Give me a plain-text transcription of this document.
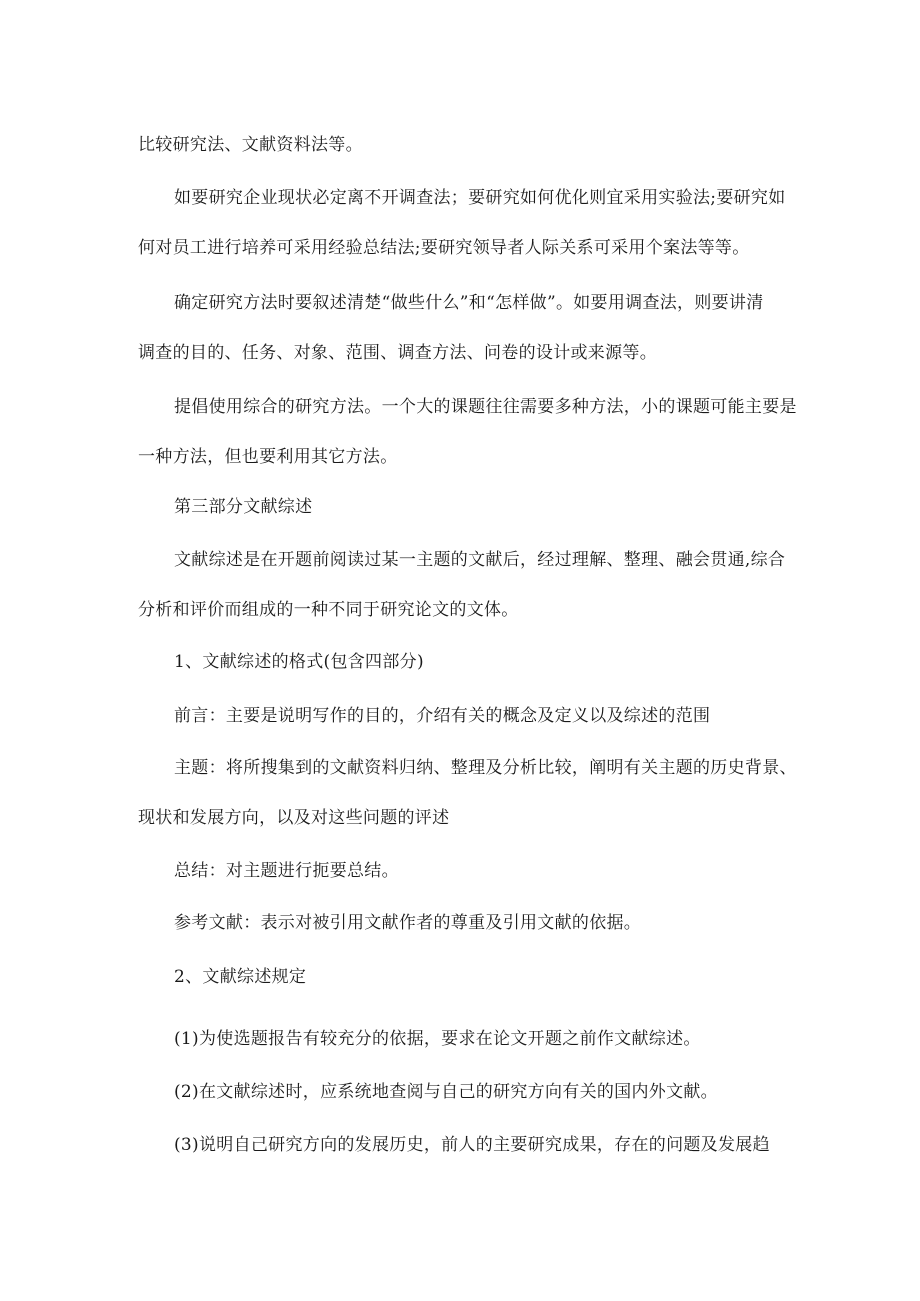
比较研究法、文献资料法等。

如要研究企业现状必定离不开调查法；要研究如何优化则宜采用实验法;要研究如
何对员工进行培养可采用经验总结法;要研究领导者人际关系可采用个案法等等。

确定研究方法时要叙述清楚“做些什么”和“怎样做”。如要用调查法，则要讲清
调查的目的、任务、对象、范围、调查方法、问卷的设计或来源等。

提倡使用综合的研究方法。一个大的课题往往需要多种方法，小的课题可能主要是
一种方法，但也要利用其它方法。

第三部分文献综述

文献综述是在开题前阅读过某一主题的文献后，经过理解、整理、融会贯通,综合
分析和评价而组成的一种不同于研究论文的文体。

1、文献综述的格式(包含四部分)

前言：主要是说明写作的目的，介绍有关的概念及定义以及综述的范围

主题：将所搜集到的文献资料归纳、整理及分析比较，阐明有关主题的历史背景、
现状和发展方向，以及对这些问题的评述

总结：对主题进行扼要总结。

参考文献：表示对被引用文献作者的尊重及引用文献的依据。

2、文献综述规定

(1)为使选题报告有较充分的依据，要求在论文开题之前作文献综述。

(2)在文献综述时，应系统地查阅与自己的研究方向有关的国内外文献。

(3)说明自己研究方向的发展历史，前人的主要研究成果，存在的问题及发展趋
